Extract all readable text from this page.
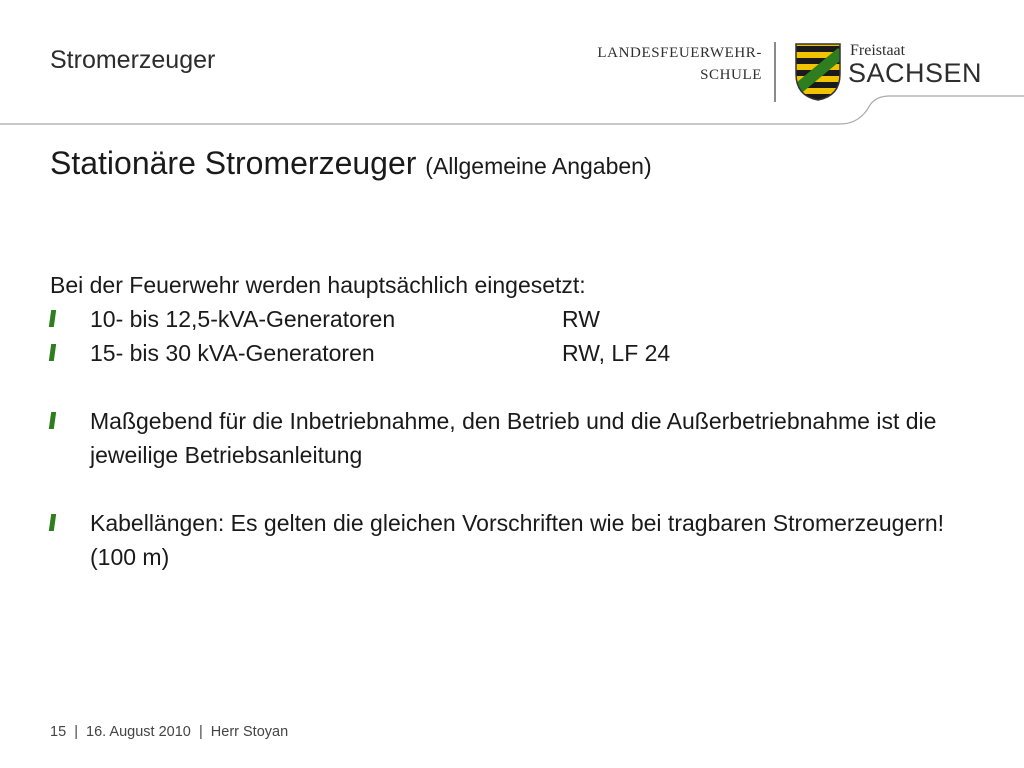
Stromerzeuger	LANDESFEUERWEHR-
SCHULE
Freistaat
SACHSEN
Stationäre Stromerzeuger (Allgemeine Angaben)

Bei der Feuerwehr werden hauptsächlich eingesetzt:

10- bis 12,5-kVA-Generatoren	RW
15- bis 30 kVA-Generatoren	RW, LF 24
Maßgebend für die Inbetriebnahme, den Betrieb und die Außerbetriebnahme ist die jeweilige Betriebsanleitung
Kabellängen: Es gelten die gleichen Vorschriften wie bei tragbaren Stromerzeugern! (100 m)
15 | 16. August 2010 | Herr Stoyan
